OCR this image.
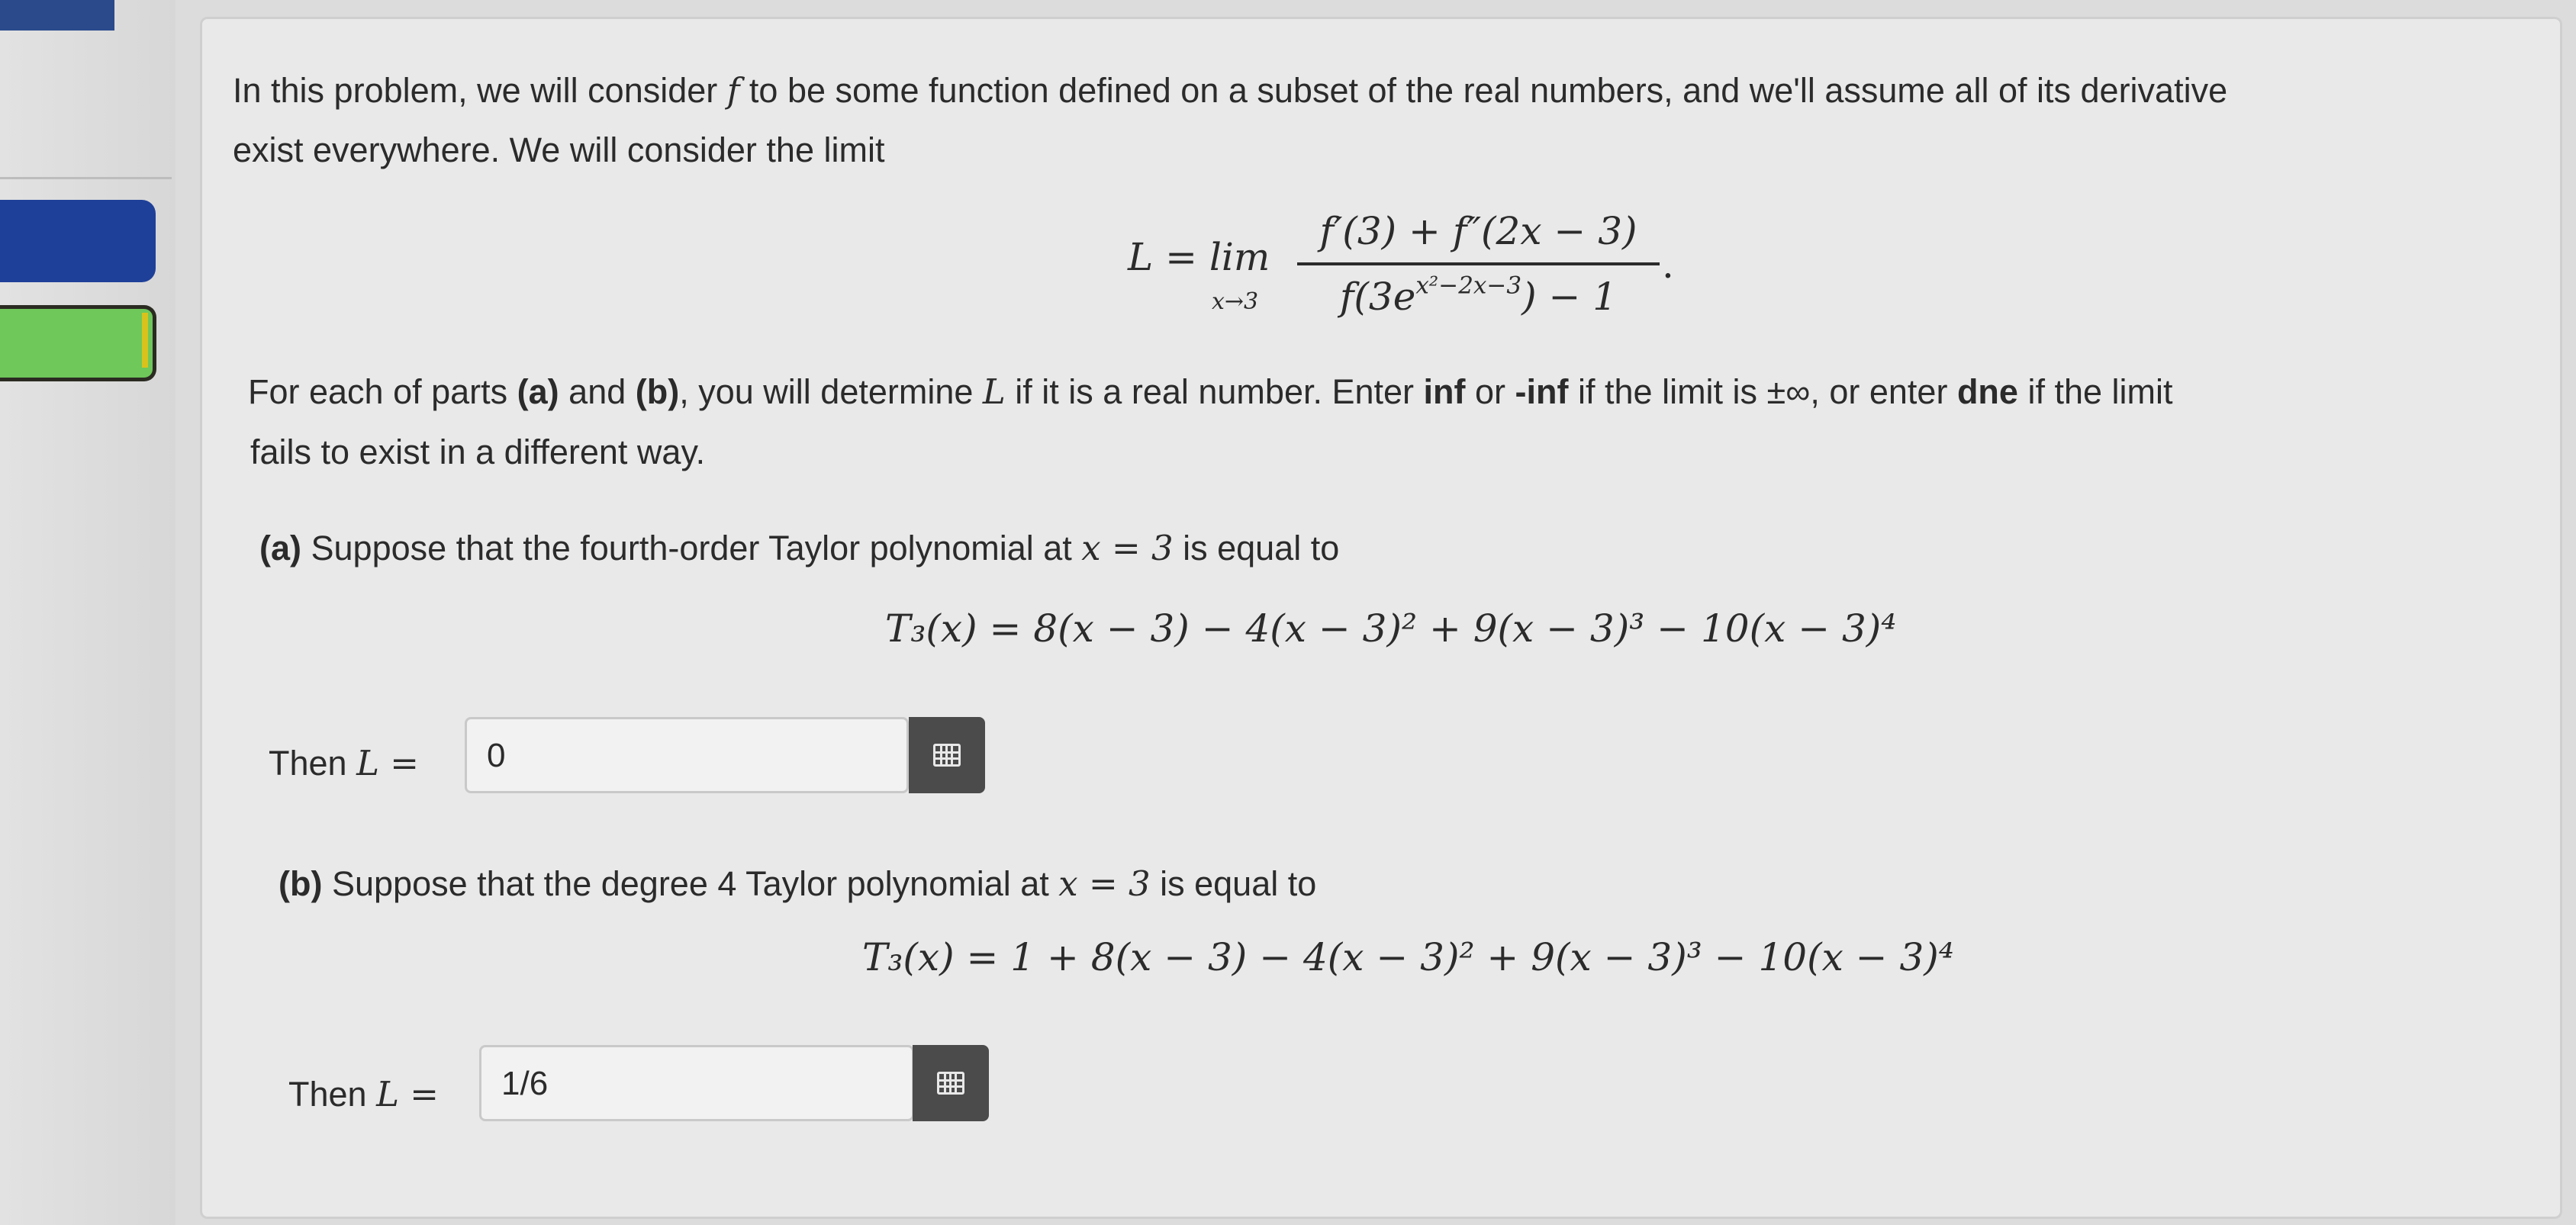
In this problem, we will consider f to be some function defined on a subset of the real numbers, and we'll assume all of its derivative
exist everywhere. We will consider the limit
L = lim
x→3
f′(3) + f″(2x − 3)
$f(3e^{x^2-2x-3}) - 1$
.
For each of parts (a) and (b), you will determine L if it is a real number. Enter inf or -inf if the limit is ±∞, or enter dne if the limit
fails to exist in a different way.
(a) Suppose that the fourth-order Taylor polynomial at x = 3 is equal to
T₃(x) = 8(x − 3) − 4(x − 3)² + 9(x − 3)³ − 10(x − 3)⁴
Then L = 0
(b) Suppose that the degree 4 Taylor polynomial at x = 3 is equal to
T₃(x) = 1 + 8(x − 3) − 4(x − 3)² + 9(x − 3)³ − 10(x − 3)⁴
Then L = 1/6
